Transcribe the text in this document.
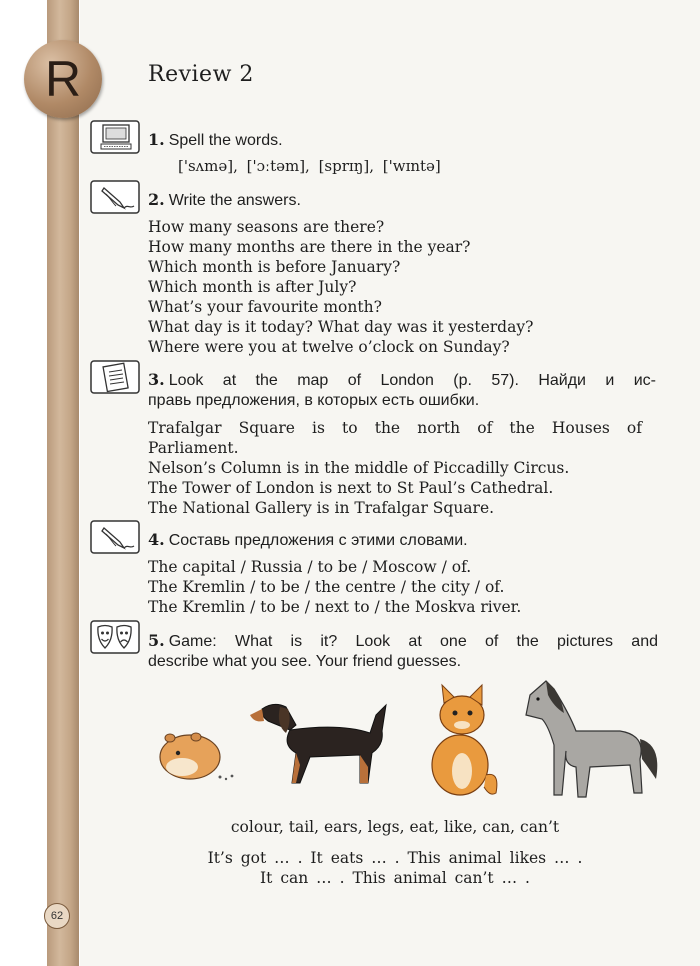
R	Review 2
1. Spell the words.
['sʌmə], ['ɔːtəm], [sprɪŋ], ['wɪntə]
2. Write the answers.
How many seasons are there?
How many months are there in the year?
Which month is before January?
Which month is after July?
What’s your favourite month?
What day is it today? What day was it yesterday?
Where were you at twelve o’clock on Sunday?
3. Look at the map of London (p. 57). Найди и ис-
правь предложения, в которых есть ошибки.
Trafalgar Square is to the north of the Houses of
Parliament.
Nelson’s Column is in the middle of Piccadilly Circus.
The Tower of London is next to St Paul’s Cathedral.
The National Gallery is in Trafalgar Square.
4. Составь предложения с этими словами.
The capital / Russia / to be / Moscow / of.
The Kremlin / to be / the centre / the city / of.
The Kremlin / to be / next to / the Moskva river.
5. Game: What is it? Look at one of the pictures and
describe what you see. Your friend guesses.
colour, tail, ears, legs, eat, like, can, can’t
It’s got … . It eats … . This animal likes … .
It can … . This animal can’t … .
62
